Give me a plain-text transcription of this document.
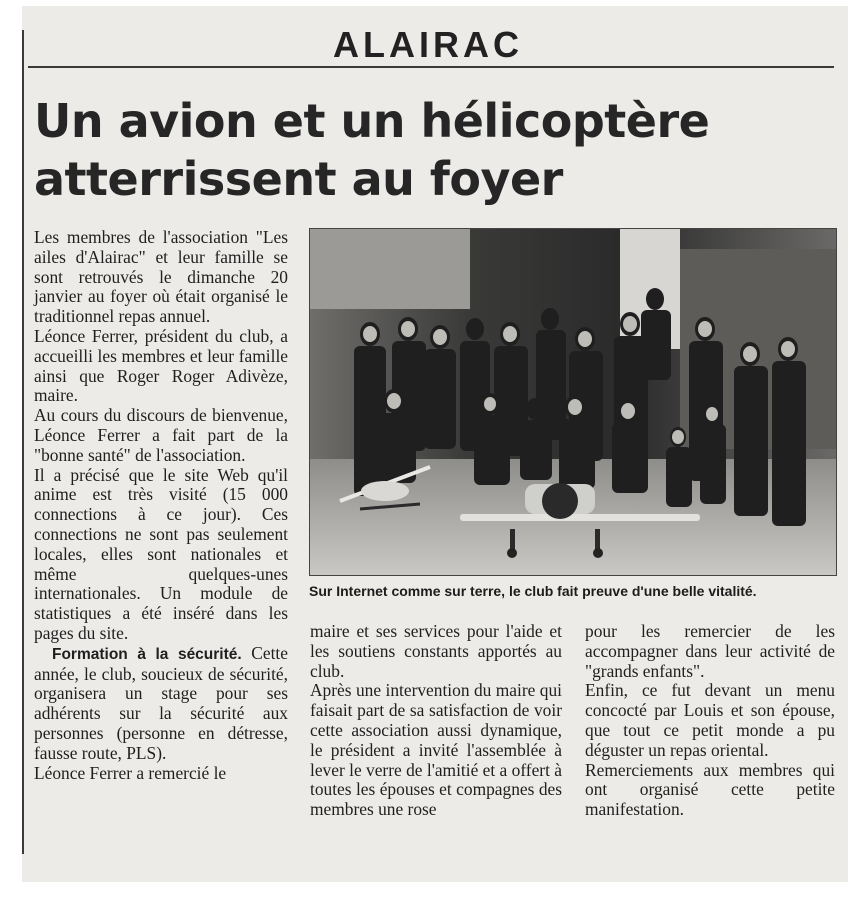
ALAIRAC
Un avion et un hélicoptère
atterrissent au foyer

Les membres de l'association "Les ailes d'Alairac" et leur famille se sont retrouvés le dimanche 20 janvier au foyer où était organisé le traditionnel repas annuel.

Léonce Ferrer, président du club, a accueilli les membres et leur famille ainsi que Roger Roger Adivèze, maire.

Au cours du discours de bienvenue, Léonce Ferrer a fait part de la "bonne santé" de l'association.

Il a précisé que le site Web qu'il anime est très visité (15 000 connections à ce jour). Ces connections ne sont pas seulement locales, elles sont nationales et même quelques-unes internationales. Un module de statistiques a été inséré dans les pages du site.

Formation à la sécurité. Cette année, le club, soucieux de sécurité, organisera un stage pour ses adhérents sur la sécurité aux personnes (personne en détresse, fausse route, PLS).

Léonce Ferrer a remercié le

Sur Internet comme sur terre, le club fait preuve d'une belle vitalité.

maire et ses services pour l'aide et les soutiens constants apportés au club.

Après une intervention du maire qui faisait part de sa satisfaction de voir cette association aussi dynamique, le président a invité l'assemblée à lever le verre de l'amitié et a offert à toutes les épouses et compagnes des membres une rose

pour les remercier de les accompagner dans leur activité de "grands enfants".

Enfin, ce fut devant un menu concocté par Louis et son épouse, que tout ce petit monde a pu déguster un repas oriental.

Remerciements aux membres qui ont organisé cette petite manifestation.
